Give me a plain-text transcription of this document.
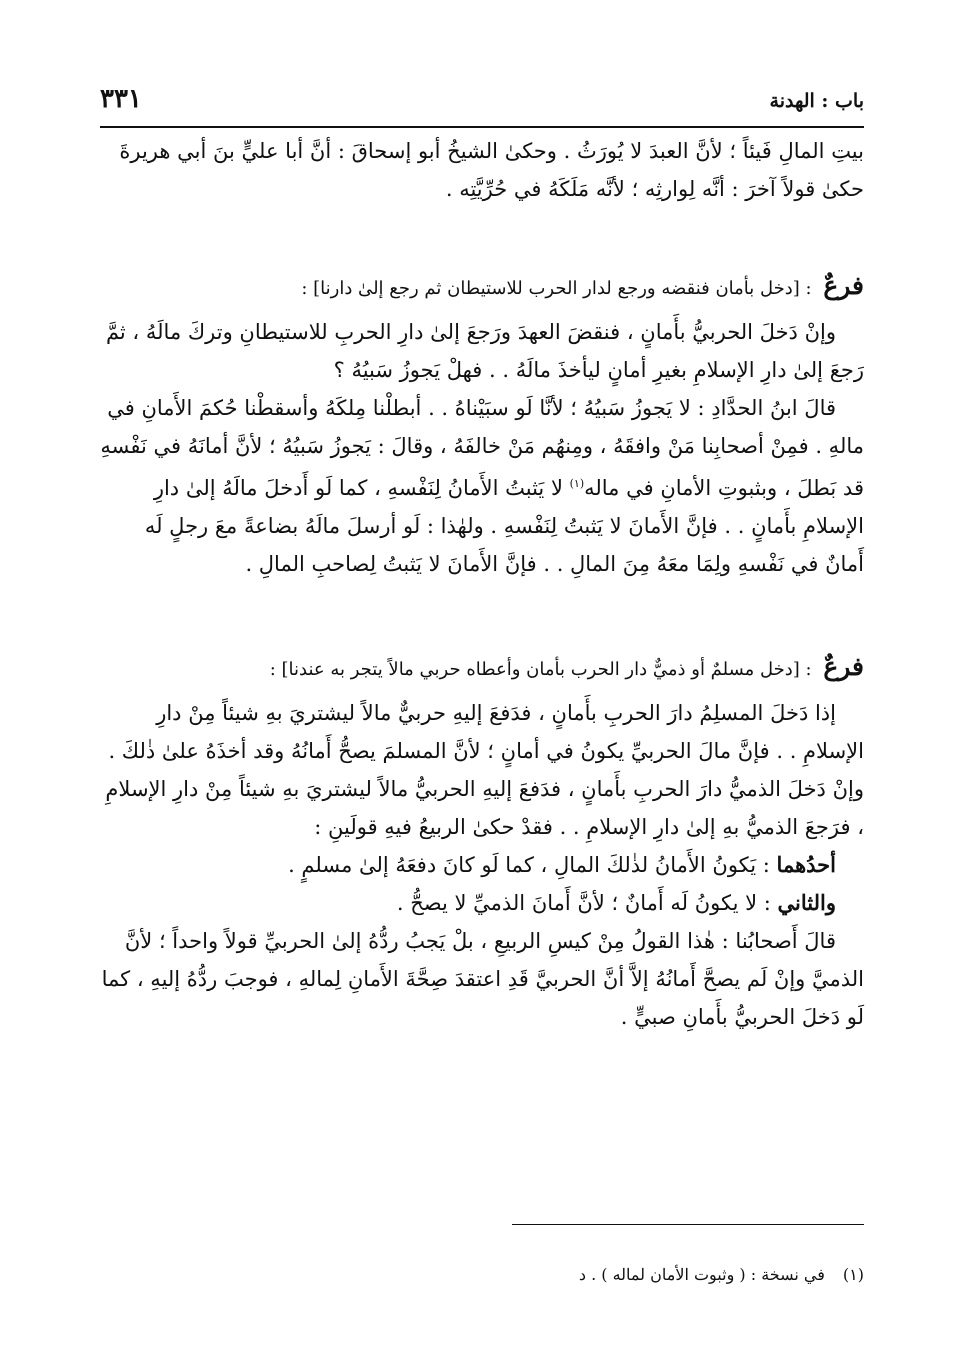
باب : الهدنة
٣٣١

بيتِ المالِ فَيئاً ؛ لأنَّ العبدَ لا يُورَثُ . وحكىٰ الشيخُ أبو إسحاقَ : أنَّ أبا عليٍّ بنَ أبي هريرةَ حكىٰ قولاً آخرَ : أنَّه لِوارثِه ؛ لأنَّه مَلَكَهُ في حُرِّيَّتِه .

فرعٌ : [دخل بأمان فنقضه ورجع لدار الحرب للاستيطان ثم رجع إلىٰ دارنا] :

وإنْ دَخلَ الحربيُّ بأَمانٍ ، فنقضَ العهدَ ورَجعَ إلىٰ دارِ الحربِ للاستيطانِ وتركَ مالَهُ ، ثمَّ رَجعَ إلىٰ دارِ الإسلامِ بغيرِ أمانٍ ليأخذَ مالَهُ . . فهلْ يَجوزُ سَبيُهُ ؟

قالَ ابنُ الحدَّادِ : لا يَجوزُ سَبيُهُ ؛ لأنَّا لَو سبَيْناهُ . . أبطلْنا مِلكَهُ وأسقطْنا حُكمَ الأَمانِ في مالهِ . فمِنْ أصحابِنا مَنْ وافقَهُ ، ومِنهُم مَنْ خالفَهُ ، وقالَ : يَجوزُ سَبيُهُ ؛ لأنَّ أمانَهُ في نَفْسهِ قد بَطلَ ، وبثبوتِ الأمانِ في ماله$^{(١)}$ لا يَثبتُ الأَمانُ لِنَفْسهِ ، كما لَو أَدخلَ مالَهُ إلىٰ دارِ الإسلامِ بأَمانٍ . . فإنَّ الأَمانَ لا يَثبتُ لِنَفْسهِ . ولهٰذا : لَو أرسلَ مالَهُ بضاعةً معَ رجلٍ لَه أَمانٌ في نَفْسهِ ولِمَا معَهُ مِنَ المالِ . . فإنَّ الأَمانَ لا يَثبتُ لِصاحبِ المالِ .

فرعٌ : [دخل مسلمٌ أو ذميٌّ دار الحرب بأمان وأعطاه حربي مالاً يتجر به عندنا] :

إذا دَخلَ المسلِمُ دارَ الحربِ بأَمانٍ ، فدَفعَ إليهِ حربيٌّ مالاً ليشتريَ بهِ شيئاً مِنْ دارِ الإسلامِ . . فإنَّ مالَ الحربيِّ يكونُ في أمانٍ ؛ لأنَّ المسلمَ يصحُّ أَمانُهُ وقد أخذَهُ علىٰ ذٰلكَ . وإنْ دَخلَ الذميُّ دارَ الحربِ بأَمانٍ ، فدَفعَ إليهِ الحربيُّ مالاً ليشتريَ بهِ شيئاً مِنْ دارِ الإسلامِ ، فرَجعَ الذميُّ بهِ إلىٰ دارِ الإسلامِ . . فقدْ حكىٰ الربيعُ فيهِ قولَينِ :

أحدُهما : يَكونُ الأَمانُ لذٰلكَ المالِ ، كما لَو كانَ دفعَهُ إلىٰ مسلمٍ .

والثاني : لا يكونُ لَه أَمانٌ ؛ لأنَّ أَمانَ الذميِّ لا يصحُّ .

قالَ أَصحابُنا : هٰذا القولُ مِنْ كيسِ الربيعِ ، بلْ يَجبُ ردُّهُ إلىٰ الحربيِّ قولاً واحداً ؛ لأنَّ الذميَّ وإنْ لَم يصحَّ أَمانُهُ إلاَّ أنَّ الحربيَّ قَدِ اعتقدَ صِحَّةَ الأَمانِ لِمالهِ ، فوجبَ ردُّهُ إليهِ ، كما لَو دَخلَ الحربيُّ بأَمانِ صبيٍّ .

(١)في نسخة : ( وثبوت الأمان لماله ) . د
